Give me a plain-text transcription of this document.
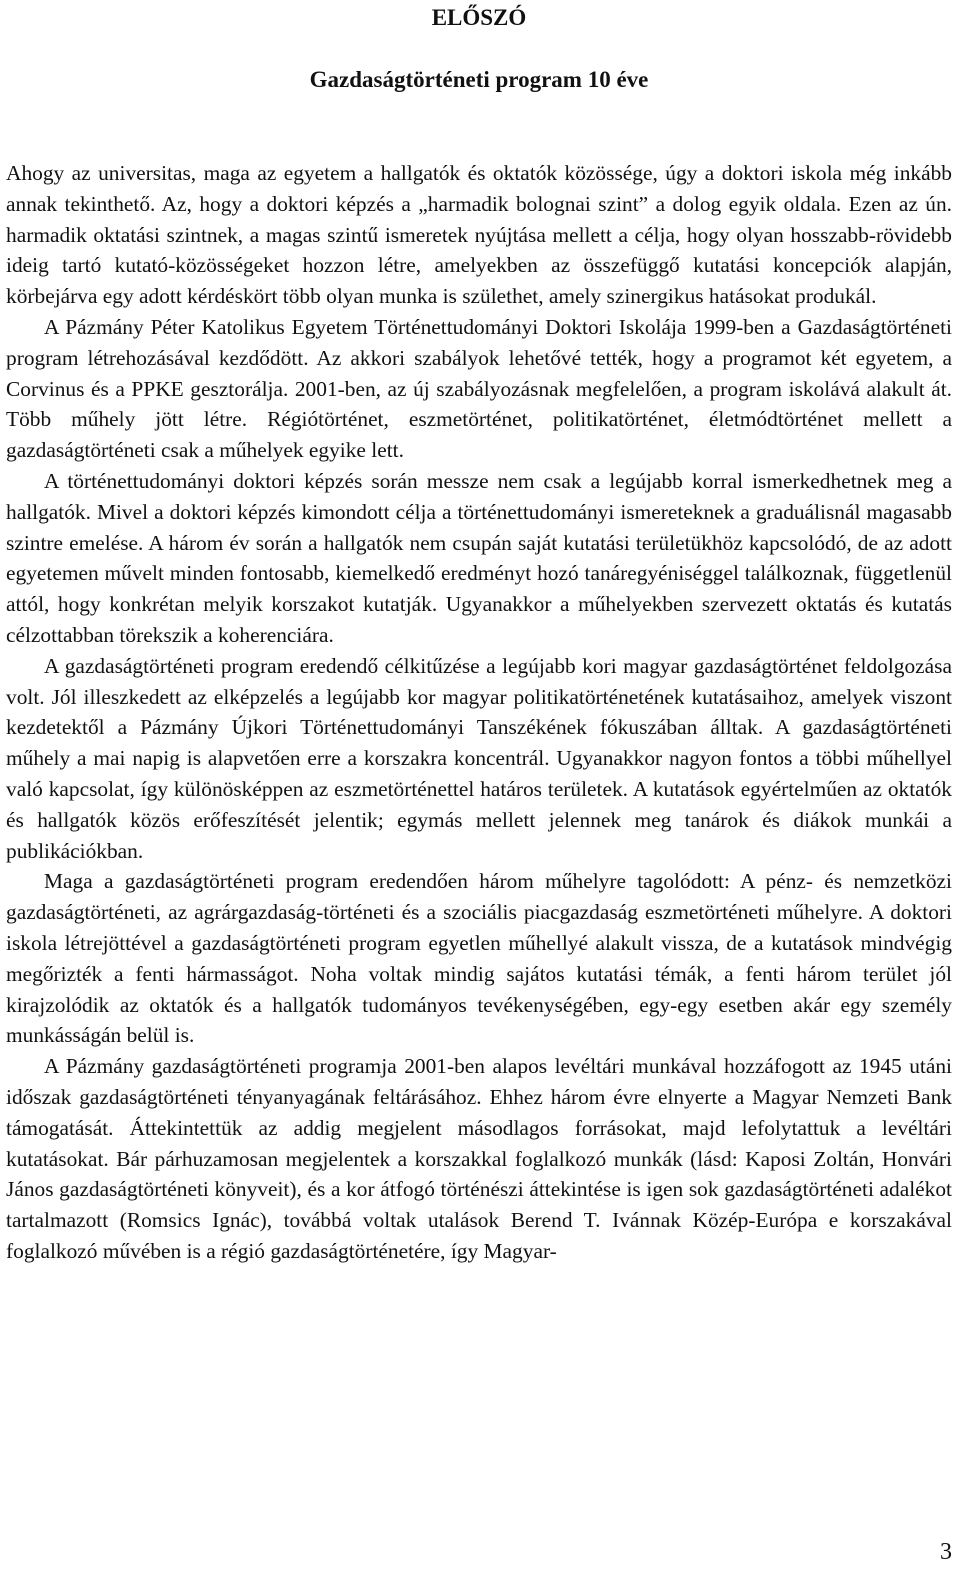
ELŐSZÓ
Gazdaságtörténeti program 10 éve

Ahogy az universitas, maga az egyetem a hallgatók és oktatók közössége, úgy a doktori iskola még inkább annak tekinthető. Az, hogy a doktori képzés a „harmadik bolognai szint” a dolog egyik oldala. Ezen az ún. harmadik oktatási szintnek, a magas szintű ismeretek nyújtása mellett a célja, hogy olyan hosszabb-rövidebb ideig tartó kutató-közösségeket hozzon létre, amelyekben az összefüggő kutatási koncepciók alapján, körbejárva egy adott kérdéskört több olyan munka is születhet, amely szinergikus hatásokat produkál.

A Pázmány Péter Katolikus Egyetem Történettudományi Doktori Iskolája 1999-ben a Gazdaságtörténeti program létrehozásával kezdődött. Az akkori szabályok lehetővé tették, hogy a programot két egyetem, a Corvinus és a PPKE gesztorálja. 2001-ben, az új szabályozásnak megfelelően, a program iskolává alakult át. Több műhely jött létre. Régiótörténet, eszmetörténet, politikatörténet, életmódtörténet mellett a gazdaságtörténeti csak a műhelyek egyike lett.

A történettudományi doktori képzés során messze nem csak a legújabb korral ismerkedhetnek meg a hallgatók. Mivel a doktori képzés kimondott célja a történettudományi ismereteknek a graduálisnál magasabb szintre emelése. A három év során a hallgatók nem csupán saját kutatási területükhöz kapcsolódó, de az adott egyetemen művelt minden fontosabb, kiemelkedő eredményt hozó tanáregyéniséggel találkoznak, függetlenül attól, hogy konkrétan melyik korszakot kutatják. Ugyanakkor a műhelyekben szervezett oktatás és kutatás célzottabban törekszik a koherenciára.

A gazdaságtörténeti program eredendő célkitűzése a legújabb kori magyar gazdaságtörténet feldolgozása volt. Jól illeszkedett az elképzelés a legújabb kor magyar politikatörténetének kutatásaihoz, amelyek viszont kezdetektől a Pázmány Újkori Történettudományi Tanszékének fókuszában álltak. A gazdaságtörténeti műhely a mai napig is alapvetően erre a korszakra koncentrál. Ugyanakkor nagyon fontos a többi műhellyel való kapcsolat, így különösképpen az eszmetörténettel határos területek. A kutatások egyértelműen az oktatók és hallgatók közös erőfeszítését jelentik; egymás mellett jelennek meg tanárok és diákok munkái a publikációkban.

Maga a gazdaságtörténeti program eredendően három műhelyre tagolódott: A pénz- és nemzetközi gazdaságtörténeti, az agrárgazdaság-történeti és a szociális piacgazdaság eszmetörténeti műhelyre. A doktori iskola létrejöttével a gazdaságtörténeti program egyetlen műhellyé alakult vissza, de a kutatások mindvégig megőrizték a fenti hármasságot. Noha voltak mindig sajátos kutatási témák, a fenti három terület jól kirajzolódik az oktatók és a hallgatók tudományos tevékenységében, egy-egy esetben akár egy személy munkásságán belül is.

A Pázmány gazdaságtörténeti programja 2001-ben alapos levéltári munkával hozzáfogott az 1945 utáni időszak gazdaságtörténeti tényanyagának feltárásához. Ehhez három évre elnyerte a Magyar Nemzeti Bank támogatását. Áttekintettük az addig megjelent másodlagos forrásokat, majd lefolytattuk a levéltári kutatásokat. Bár párhuzamosan megjelentek a korszakkal foglalkozó munkák (lásd: Kaposi Zoltán, Honvári János gazdaságtörténeti könyveit), és a kor átfogó történészi áttekintése is igen sok gazdaságtörténeti adalékot tartalmazott (Romsics Ignác), továbbá voltak utalások Berend T. Ivánnak Közép-Európa e korszakával foglalkozó művében is a régió gazdaságtörténetére, így Magyar-

3
